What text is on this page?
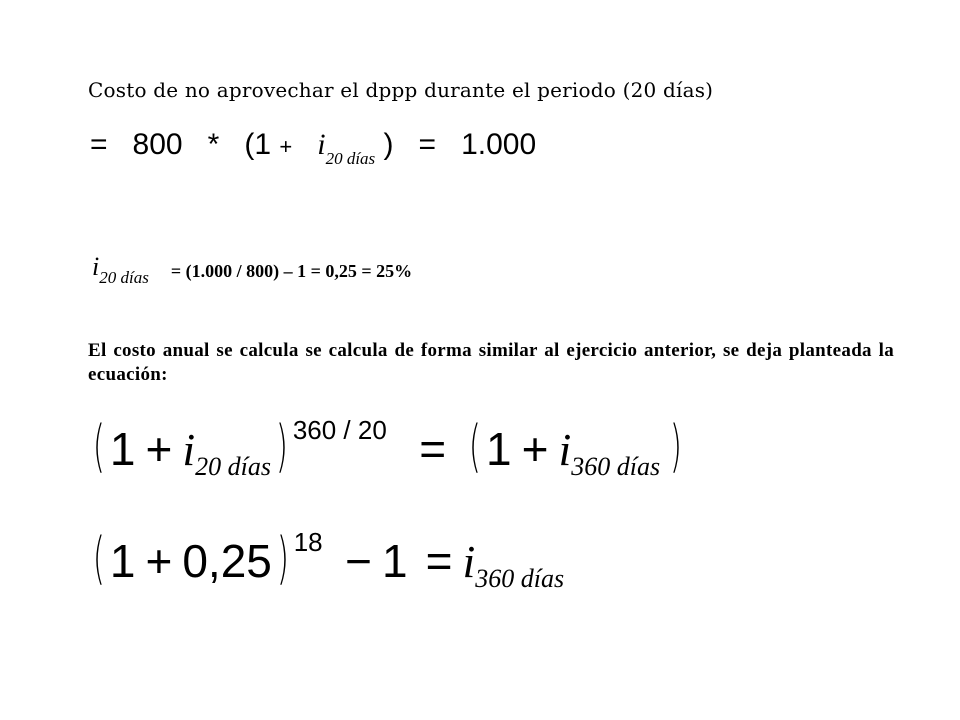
Costo de no aprovechar el dppp durante el periodo (20 días)
= $800 * (1 + i_{20 días}$ ) = 1.000
i20 días = (1.000 / 800) – 1 = 0,25 = 25%
El costo anual se calcula se calcula de forma similar al ejercicio anterior, se deja planteada la ecuación:
( 1 + i20 días) 360 / 20 = ( 1 + i360 días )
( 1 + 0,25) 18 − 1 = i360 días
